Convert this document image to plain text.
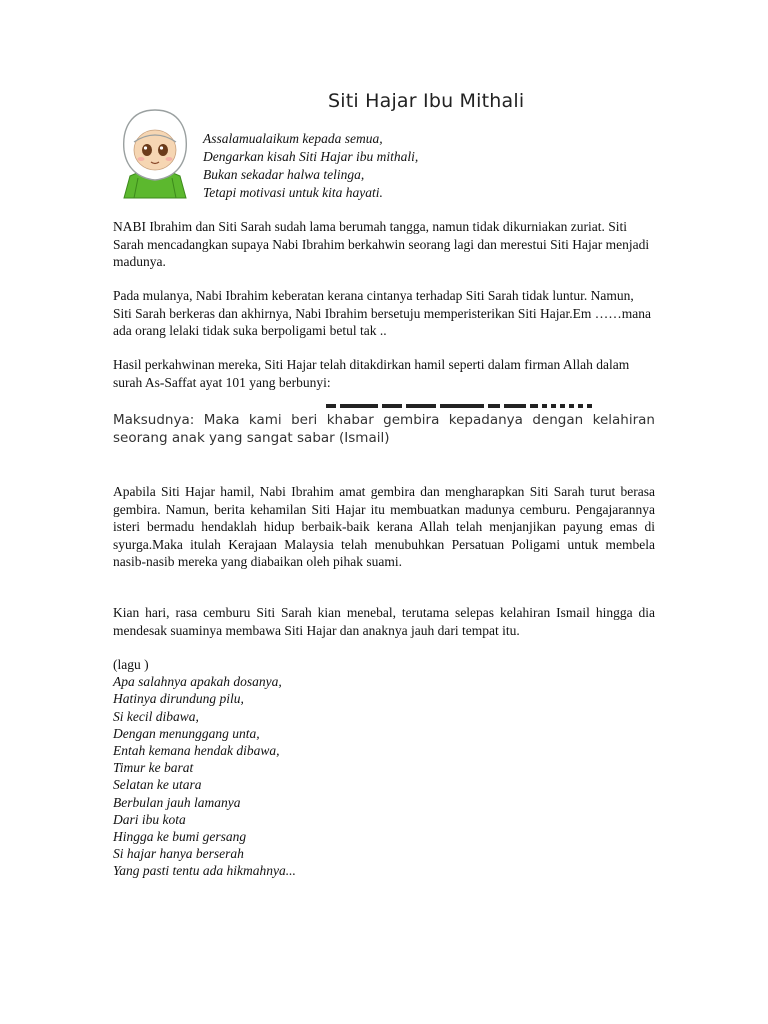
Siti Hajar Ibu Mithali
Assalamualaikum kepada semua,
Dengarkan kisah Siti Hajar ibu mithali,
Bukan sekadar halwa telinga,
Tetapi motivasi untuk kita hayati.

NABI Ibrahim dan Siti Sarah sudah lama berumah tangga, namun tidak dikurniakan zuriat. Siti Sarah mencadangkan supaya Nabi Ibrahim berkahwin seorang lagi dan merestui Siti Hajar menjadi madunya.

Pada mulanya, Nabi Ibrahim keberatan kerana cintanya terhadap Siti Sarah tidak luntur. Namun, Siti Sarah berkeras dan akhirnya, Nabi Ibrahim bersetuju memperisterikan Siti Hajar.Em ……mana ada orang lelaki tidak suka berpoligami betul tak ..

Hasil perkahwinan mereka, Siti Hajar telah ditakdirkan hamil seperti dalam firman Allah dalam surah As-Saffat ayat 101 yang berbunyi:

Maksudnya: Maka kami beri khabar gembira kepadanya dengan kelahiran seorang anak yang sangat sabar (Ismail)

Apabila Siti Hajar hamil, Nabi Ibrahim amat gembira dan mengharapkan Siti Sarah turut berasa gembira. Namun, berita kehamilan Siti Hajar itu membuatkan madunya cemburu. Pengajarannya isteri bermadu hendaklah hidup berbaik-baik kerana Allah telah menjanjikan payung emas di syurga.Maka itulah Kerajaan Malaysia telah menubuhkan Persatuan Poligami untuk membela nasib-nasib mereka yang diabaikan oleh pihak suami.

Kian hari, rasa cemburu Siti Sarah kian menebal, terutama selepas kelahiran Ismail hingga dia mendesak suaminya membawa Siti Hajar dan anaknya jauh dari tempat itu.

(lagu )
Apa salahnya apakah dosanya,
Hatinya dirundung pilu,
Si kecil dibawa,
Dengan menunggang unta,
Entah kemana hendak dibawa,
Timur ke barat
Selatan ke utara
Berbulan jauh lamanya
Dari ibu kota
Hingga ke bumi gersang
Si hajar hanya berserah
Yang pasti tentu ada hikmahnya...
